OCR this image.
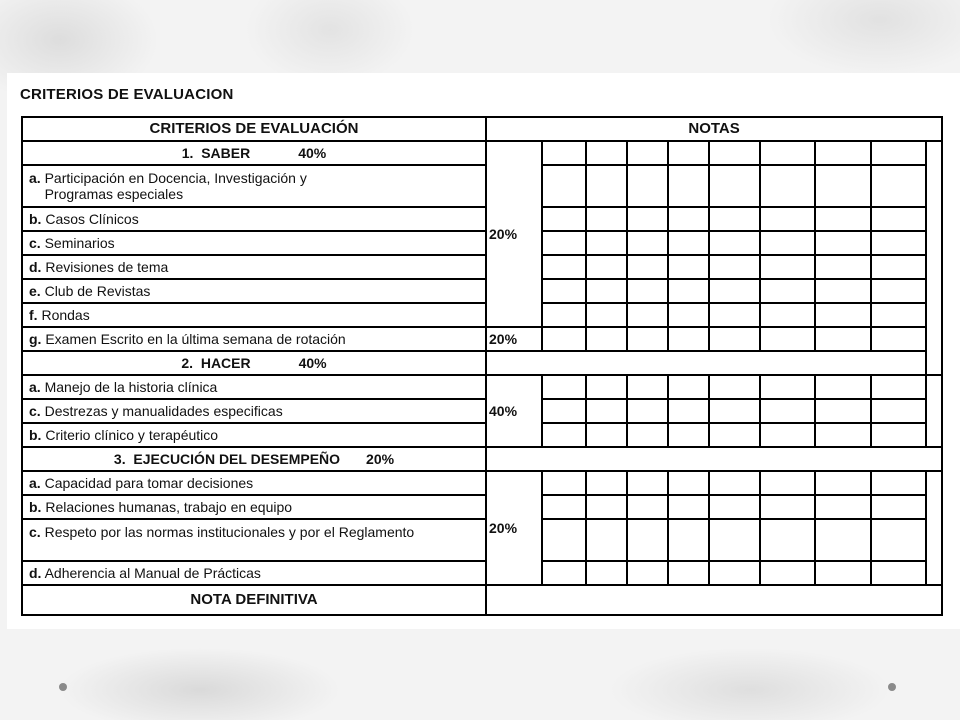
CRITERIOS DE EVALUACION
CRITERIOS DE EVALUACIÓN	NOTAS									
1. SABER 40%	20%									
a. Participación en Docencia, Investigación y
Programas especiales										
b. Casos Clínicos										
c. Seminarios										
d. Revisiones de tema										
e. Club de Revistas										
f. Rondas										
g. Examen Escrito en la última semana de rotación	20%									
2. HACER 40%										
a. Manejo de la historia clínica	40%									
c. Destrezas y manualidades especificas										
b. Criterio clínico y terapéutico										
3. EJECUCIÓN DEL DESEMPEÑO 20%										
a. Capacidad para tomar decisiones	20%									
b. Relaciones humanas, trabajo en equipo										
c. Respeto por las normas institucionales y por el Reglamento										
d. Adherencia al Manual de Prácticas										
NOTA DEFINITIVA										
